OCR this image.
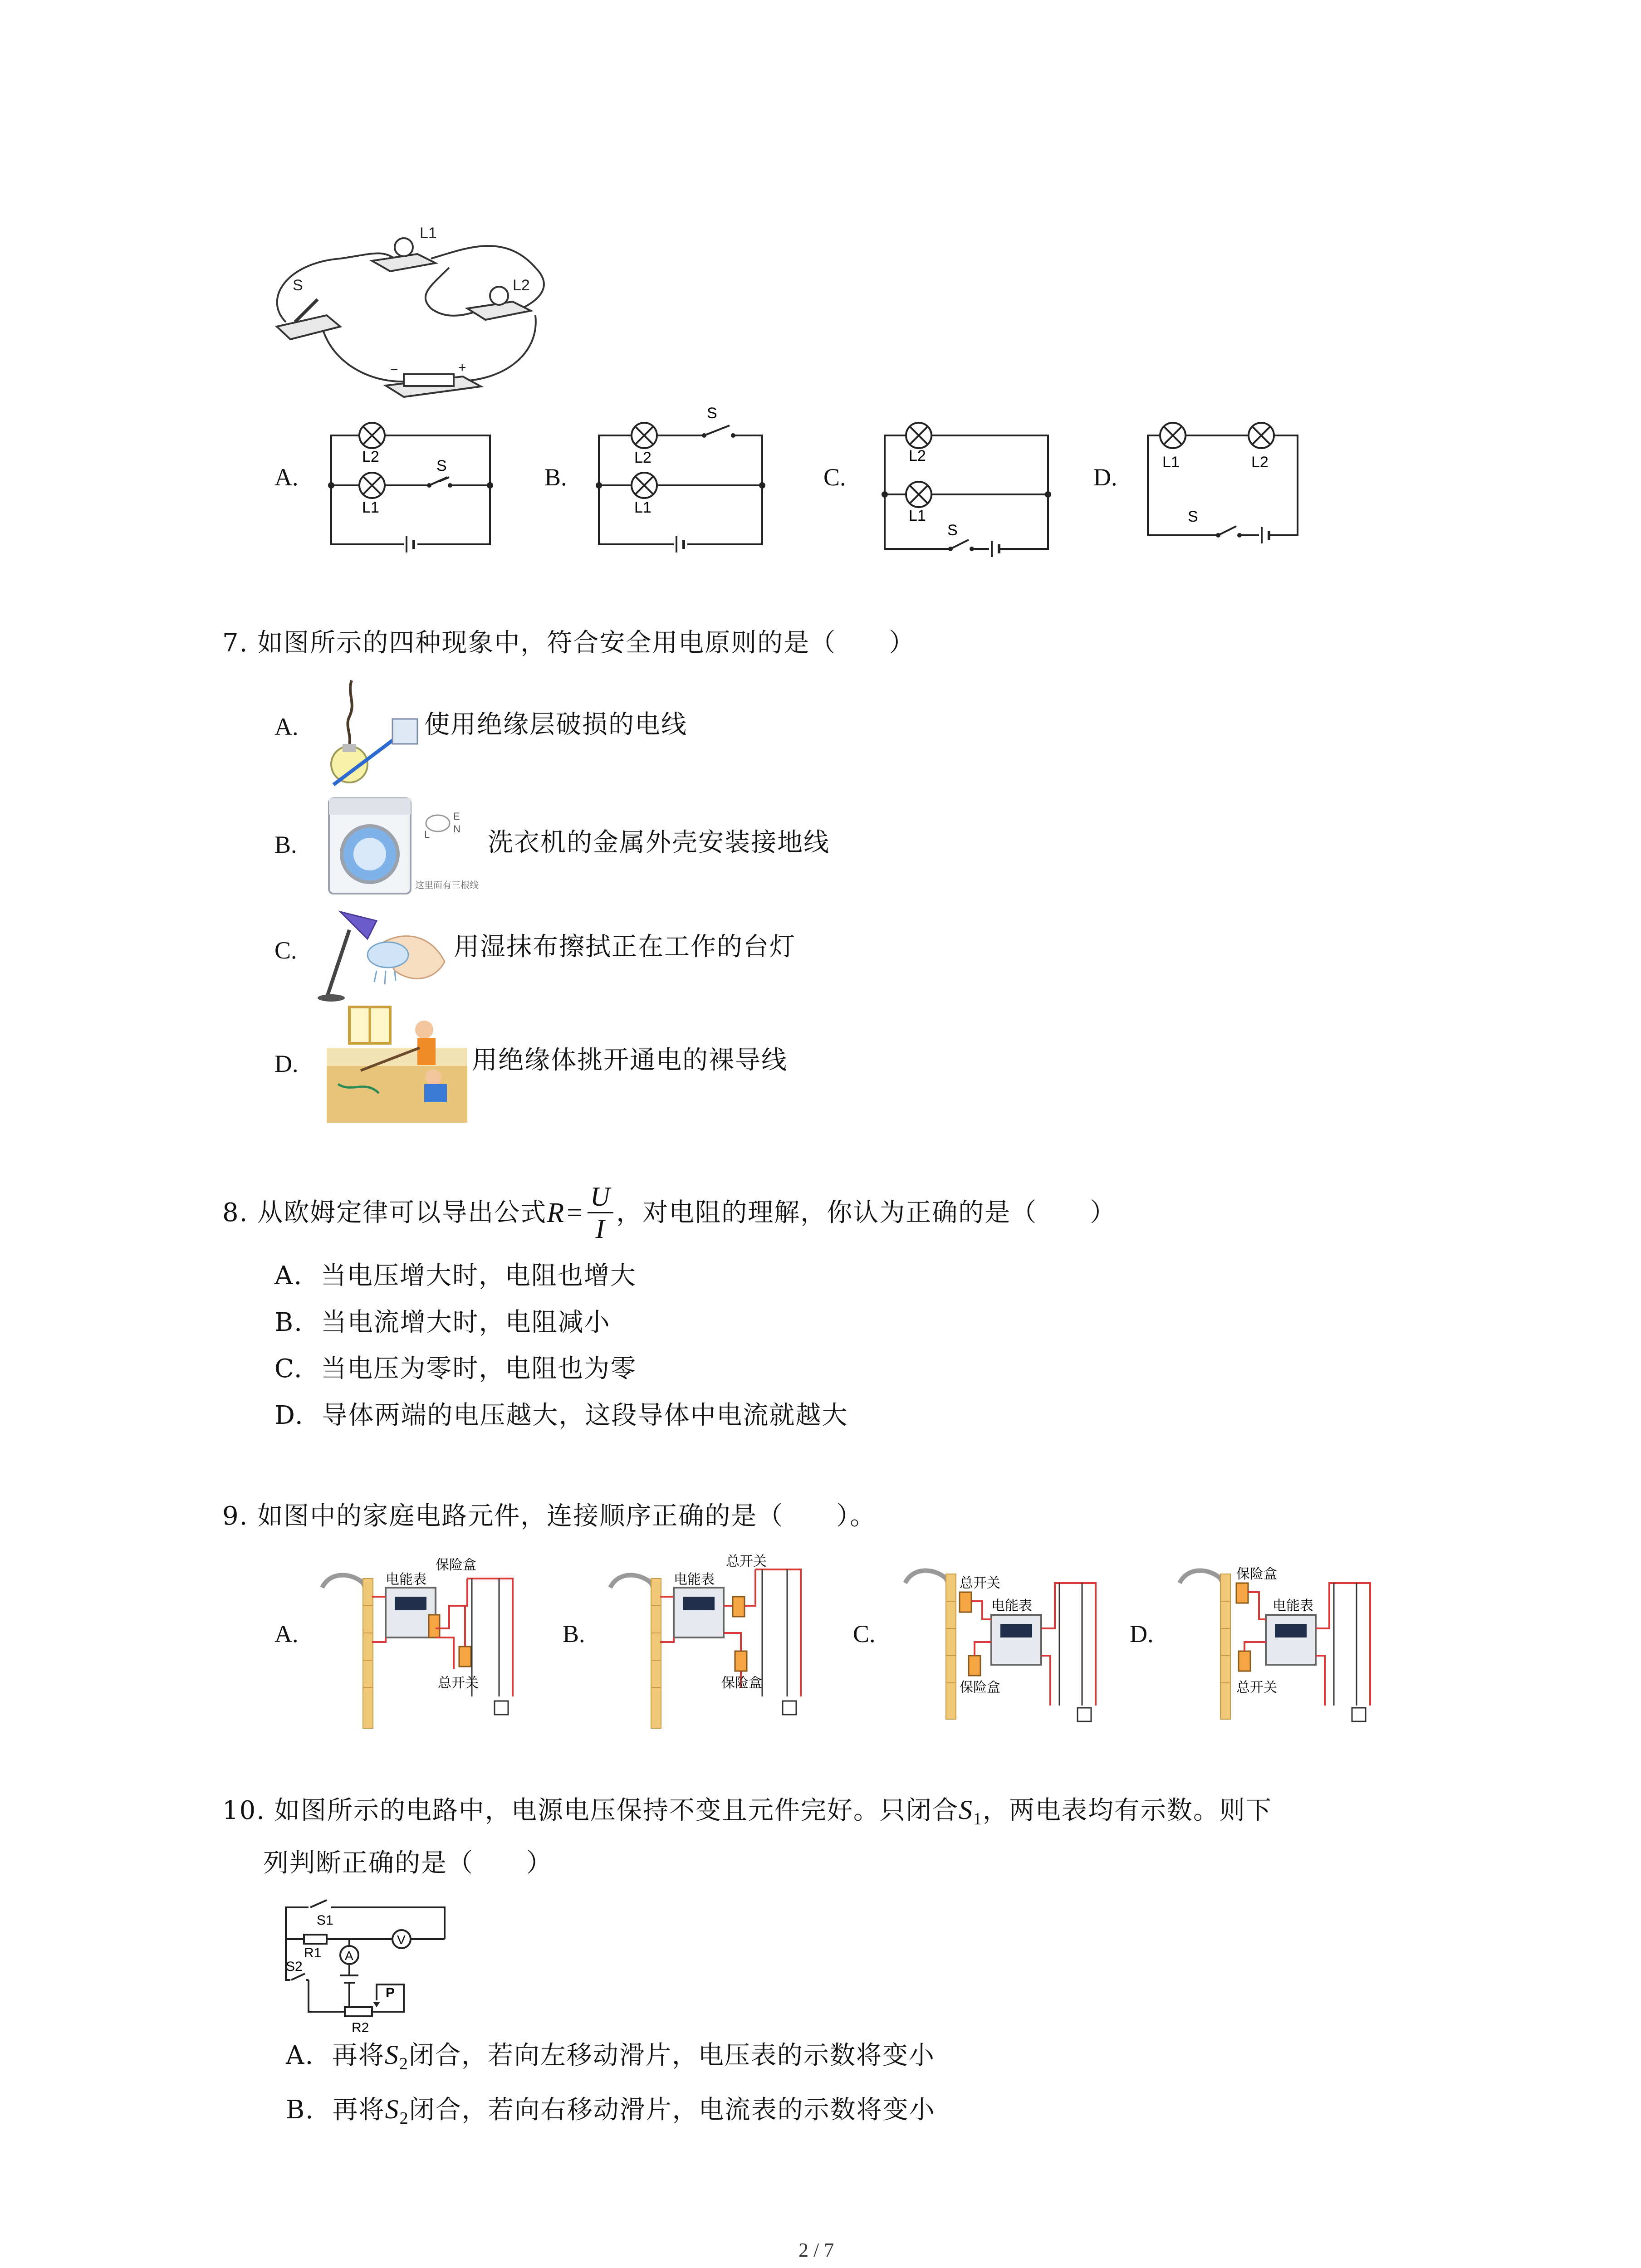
S
L1
L2
−	+
A.
L2
L1
S	B.
L2
L1
S
C.
L2
L1
S
D.
L1	L2
S
7. 如图所示的四种现象中，符合安全用电原则的是（　　）
A.	使用绝缘层破损的电线
B.
E
L N
这里面有三根线
洗衣机的金属外壳安装接地线
C.	用湿抹布擦拭正在工作的台灯
D.	用绝缘体挑开通电的裸导线
8. 从欧姆定律可以导出公式 $R= \frac{U}{I}$ ，对电阻的理解，你认为正确的是（　　）
A. 当电压增大时，电阻也增大
B. 当电流增大时，电阻减小
C. 当电压为零时，电阻也为零
D. 导体两端的电压越大，这段导体中电流就越大
9. 如图中的家庭电路元件，连接顺序正确的是（　　）。
A.
电能表
保险盒
总开关
B.
电能表
总开关
保险盒
C.
总开关
电能表
保险盒
D.
保险盒
电能表
总开关
10. 如图所示的电路中，电源电压保持不变且元件完好。只闭合$S_1$，两电表均有示数。则下
列判断正确的是（　　）
S1
R1 A
V
S2
P
R2
A. 再将$S_2$闭合，若向左移动滑片，电压表的示数将变小
B. 再将$S_2$闭合，若向右移动滑片，电流表的示数将变小
2 / 7
